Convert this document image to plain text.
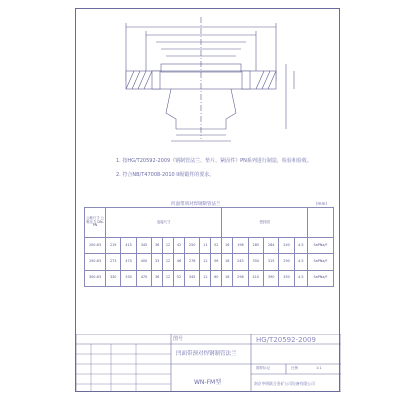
1. 按HG/T20592-2009《钢制管法兰、垫片、紧固件》PN系列进行制造，检验和验收。
2. 符合NB/T47008-2010 II级锻件的要求。
凹面带颈对焊钢制管法兰	(mm)
公称尺寸 公称压力 DN-PN	连接尺寸									密封面						
200-63	219	415	345	36	12	42	250	11	52	16	196	285	284	240	4.5	SaPNa/F
250-63	273	470	400	33	12	46	276	12	56	18	245	350	315	290	4.5	SaPNa/F
300-63	330	530	470	36	12	52	345	12	60	18	298	410	390	350	4.5	SaPNa/F
图号	HG/T20592-2009
凹面带颈对焊钢制管法兰
WN-FM型
图样标记	比例	1:1
南京中明联合金矿公司设备有限公司
